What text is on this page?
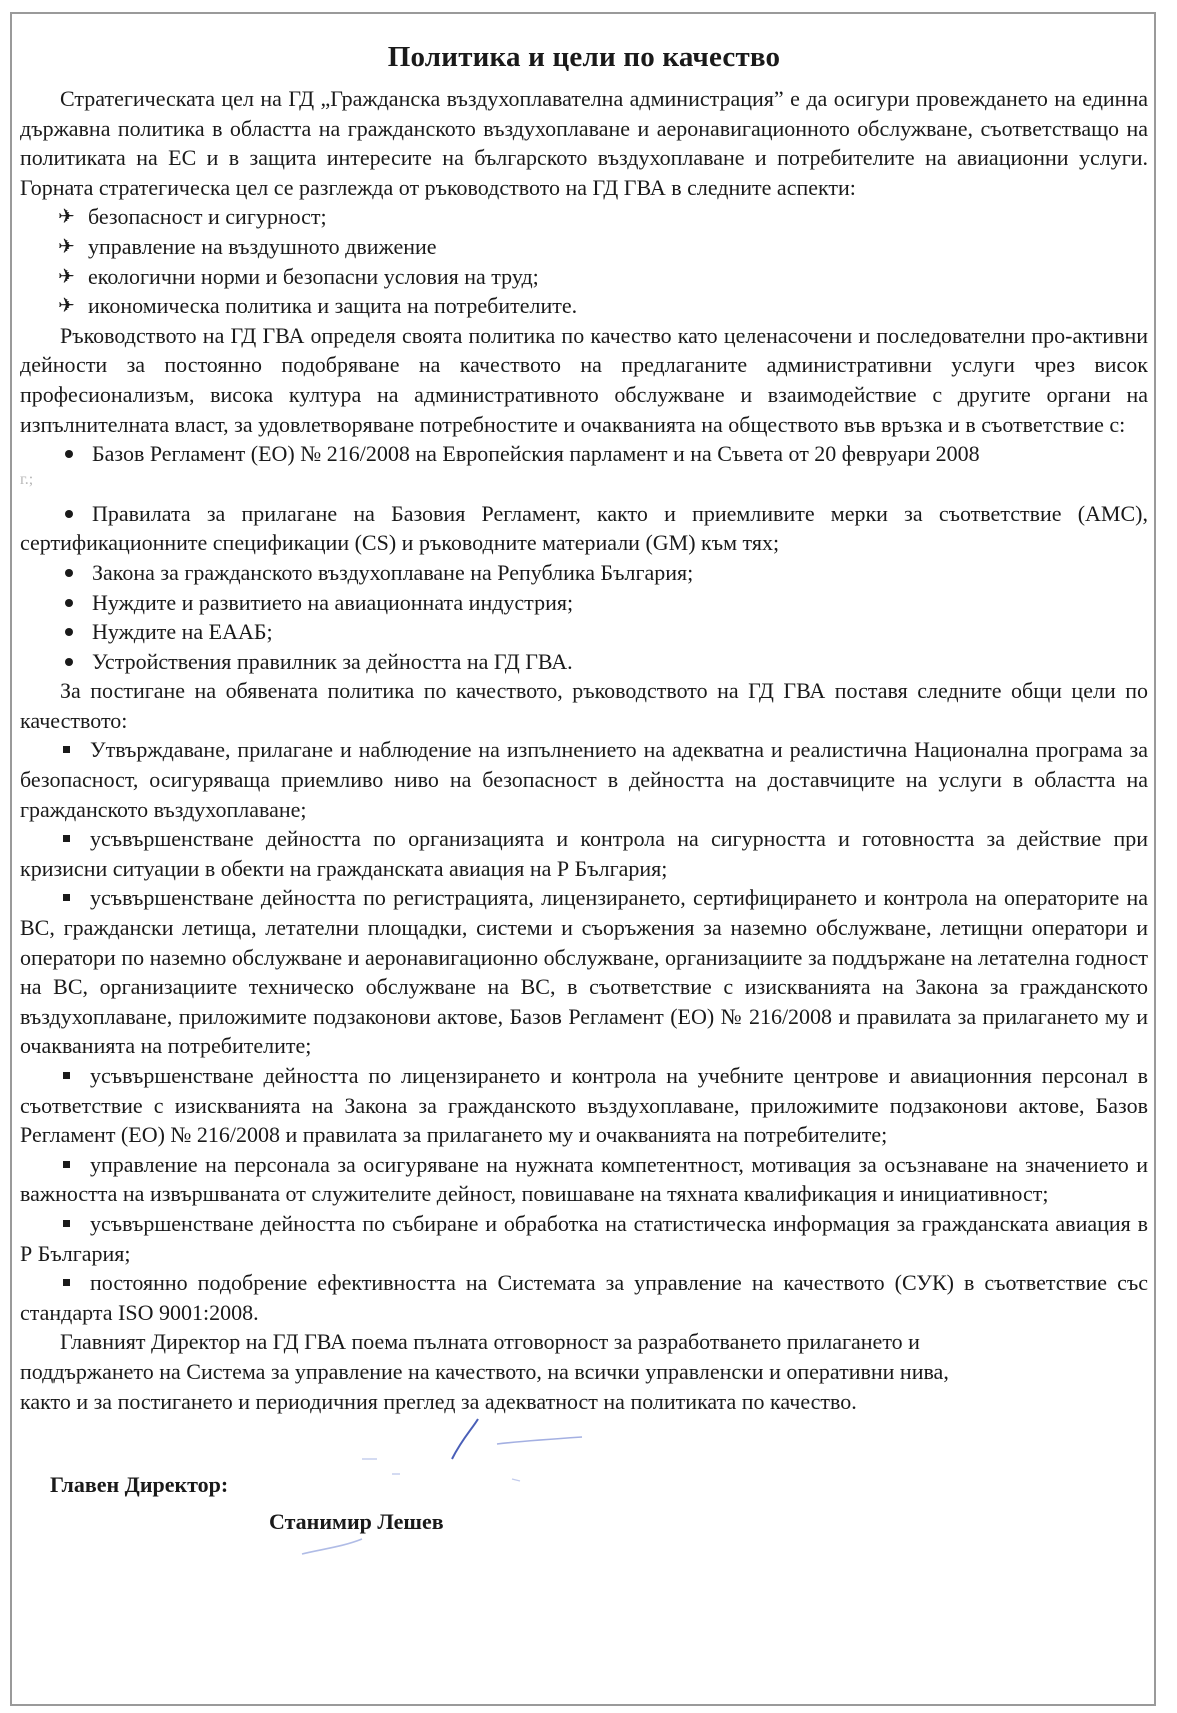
Политика и цели по качество

Стратегическата цел на ГД „Гражданска въздухоплавателна администрация” е да осигури провеждането на единна държавна политика в областта на гражданското въздухоплаване и аеронавигационното обслужване, съответстващо на политиката на ЕС и в защита интересите на българското въздухоплаване и потребителите на авиационни услуги. Горната стратегическа цел се разглежда от ръководството на ГД ГВА в следните аспекти:

✈ безопасност и сигурност;
✈ управление на въздушното движение
✈ екологични норми и безопасни условия на труд;
✈ икономическа политика и защита на потребителите.

Ръководството на ГД ГВА определя своята политика по качество като целенасочени и последователни про-активни дейности за постоянно подобряване на качеството на предлаганите административни услуги чрез висок професионализъм, висока култура на административното обслужване и взаимодействие с другите органи на изпълнителната власт, за удовлетворяване потребностите и очакванията на обществото във връзка и в съответствие с:

Базов Регламент (ЕО) № 216/2008 на Европейския парламент и на Съвета от 20 февруари 2008
г.;
Правилата за прилагане на Базовия Регламент, както и приемливите мерки за съответствие (AMC), сертификационните спецификации (CS) и ръководните материали (GM) към тях;
Закона за гражданското въздухоплаване на Република България;
Нуждите и развитието на авиационната индустрия;
Нуждите на ЕААБ;
Устройствения правилник за дейността на ГД ГВА.

За постигане на обявената политика по качеството, ръководството на ГД ГВА поставя следните общи цели по качеството:

Утвърждаване, прилагане и наблюдение на изпълнението на адекватна и реалистична Национална програма за безопасност, осигуряваща приемливо ниво на безопасност в дейността на доставчиците на услуги в областта на гражданското въздухоплаване;
усъвършенстване дейността по организацията и контрола на сигурността и готовността за действие при кризисни ситуации в обекти на гражданската авиация на Р България;
усъвършенстване дейността по регистрацията, лицензирането, сертифицирането и контрола на операторите на ВС, граждански летища, летателни площадки, системи и съоръжения за наземно обслужване, летищни оператори и оператори по наземно обслужване и аеронавигационно обслужване, организациите за поддържане на летателна годност на ВС, организациите техническо обслужване на ВС, в съответствие с изискванията на Закона за гражданското въздухоплаване, приложимите подзаконови актове, Базов Регламент (ЕО) № 216/2008 и правилата за прилагането му и очакванията на потребителите;
усъвършенстване дейността по лицензирането и контрола на учебните центрове и авиационния персонал в съответствие с изискванията на Закона за гражданското въздухоплаване, приложимите подзаконови актове, Базов Регламент (ЕО) № 216/2008 и правилата за прилагането му и очакванията на потребителите;
управление на персонала за осигуряване на нужната компетентност, мотивация за осъзнаване на значението и важността на извършваната от служителите дейност, повишаване на тяхната квалификация и инициативност;
усъвършенстване дейността по събиране и обработка на статистическа информация за гражданската авиация в Р България;
постоянно подобрение ефективността на Системата за управление на качеството (СУК) в съответствие със стандарта ISO 9001:2008.
Главният Директор на ГД ГВА поема пълната отговорност за разработването прилагането и
поддържането на Система за управление на качеството, на всички управленски и оперативни нива,
както и за постигането и периодичния преглед за адекватност на политиката по качество.
Главен Директор:
Станимир Лешев
